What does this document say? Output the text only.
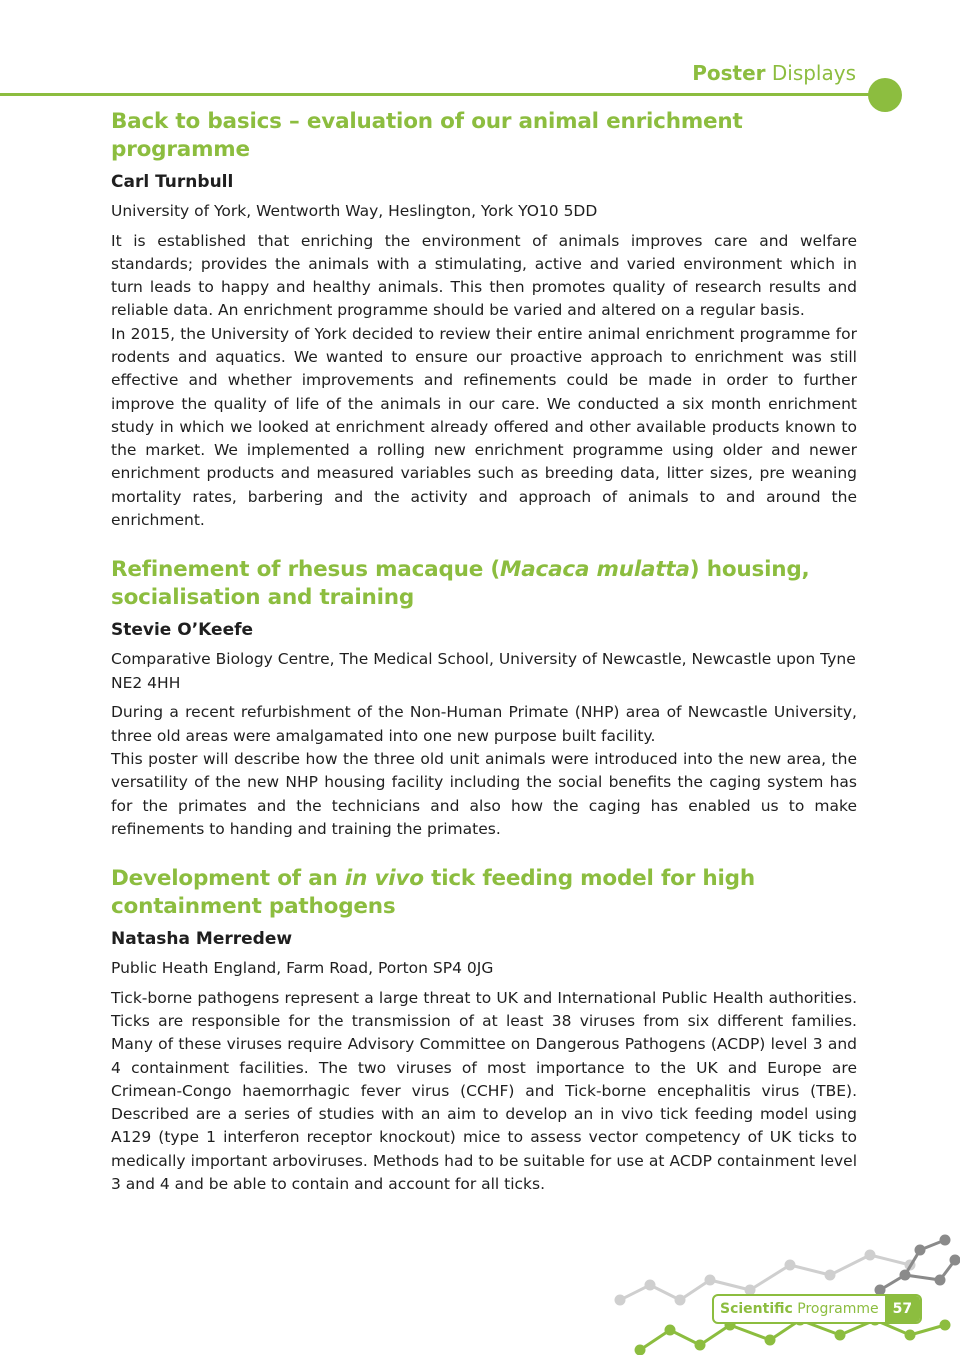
Poster Displays
Back to basics – evaluation of our animal enrichment programme
Carl Turnbull
University of York, Wentworth Way, Heslington, York YO10 5DD

It is established that enriching the environment of animals improves care and welfare standards; provides the animals with a stimulating, active and varied environment which in turn leads to happy and healthy animals. This then promotes quality of research results and reliable data. An enrichment programme should be varied and altered on a regular basis.

In 2015, the University of York decided to review their entire animal enrichment programme for rodents and aquatics. We wanted to ensure our proactive approach to enrichment was still effective and whether improvements and refinements could be made in order to further improve the quality of life of the animals in our care. We conducted a six month enrichment study in which we looked at enrichment already offered and other available products known to the market. We implemented a rolling new enrichment programme using older and newer enrichment products and measured variables such as breeding data, litter sizes, pre weaning mortality rates, barbering and the activity and approach of animals to and around the enrichment.

Refinement of rhesus macaque (Macaca mulatta) housing, socialisation and training
Stevie O’Keefe
Comparative Biology Centre, The Medical School, University of Newcastle, Newcastle upon Tyne NE2 4HH

During a recent refurbishment of the Non-Human Primate (NHP) area of Newcastle University, three old areas were amalgamated into one new purpose built facility.

This poster will describe how the three old unit animals were introduced into the new area, the versatility of the new NHP housing facility including the social benefits the caging system has for the primates and the technicians and also how the caging has enabled us to make refinements to handing and training the primates.

Development of an in vivo tick feeding model for high containment pathogens
Natasha Merredew
Public Heath England, Farm Road, Porton SP4 0JG

Tick-borne pathogens represent a large threat to UK and International Public Health authorities. Ticks are responsible for the transmission of at least 38 viruses from six different families. Many of these viruses require Advisory Committee on Dangerous Pathogens (ACDP) level 3 and 4 containment facilities. The two viruses of most importance to the UK and Europe are Crimean-Congo haemorrhagic fever virus (CCHF) and Tick-borne encephalitis virus (TBE). Described are a series of studies with an aim to develop an in vivo tick feeding model using A129 (type 1 interferon receptor knockout) mice to assess vector competency of UK ticks to medically important arboviruses. Methods had to be suitable for use at ACDP containment level 3 and 4 and be able to contain and account for all ticks.

Scientific Programme	57
